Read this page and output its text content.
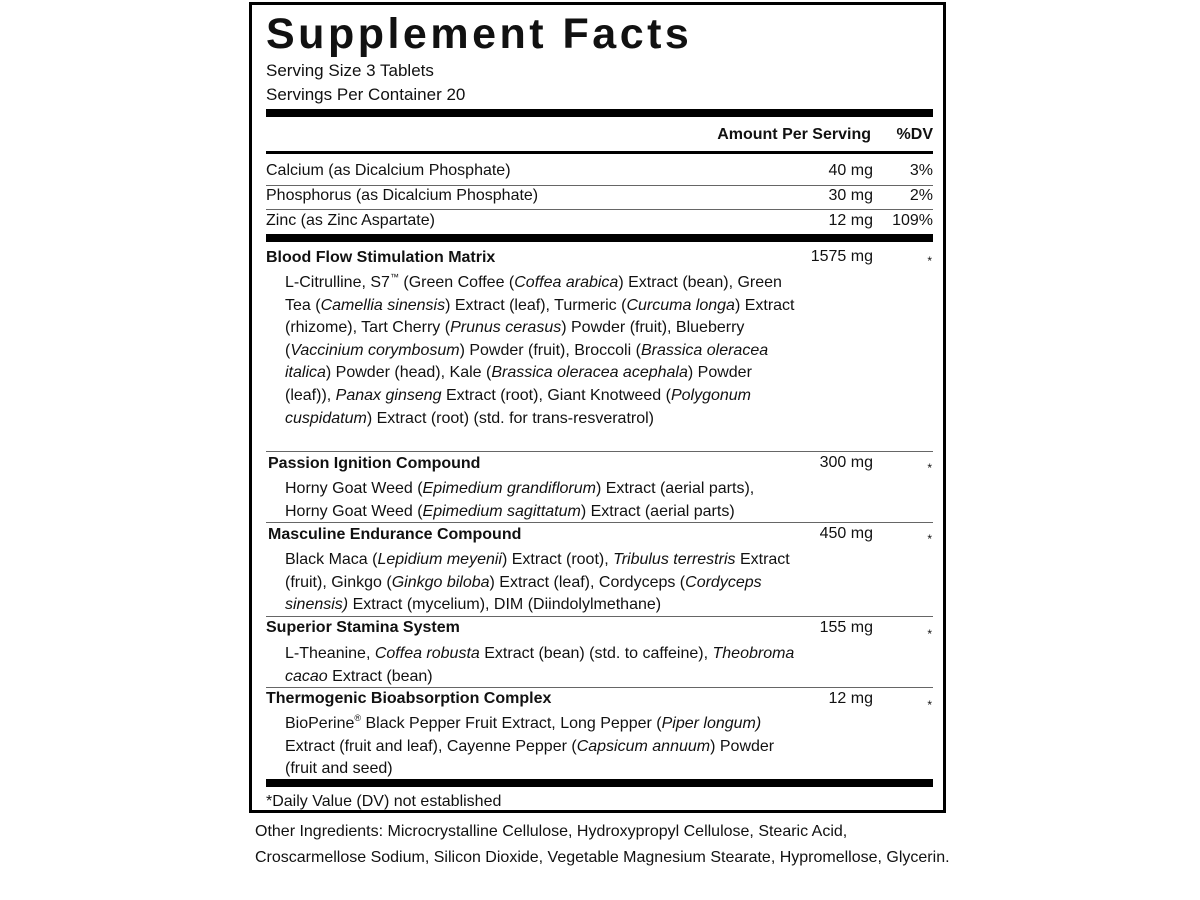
Supplement Facts
Serving Size 3 Tablets
Servings Per Container 20
Amount Per Serving %DV
Calcium (as Dicalcium Phosphate)	40 mg 3%
Phosphorus (as Dicalcium Phosphate)	30 mg 2%
Zinc (as Zinc Aspartate)	12 mg 109%
Blood Flow Stimulation Matrix	1575 mg	*
L-Citrulline, S7™ (Green Coffee (Coffea arabica) Extract (bean), Green Tea (Camellia sinensis) Extract (leaf), Turmeric (Curcuma longa) Extract (rhizome), Tart Cherry (Prunus cerasus) Powder (fruit), Blueberry (Vaccinium corymbosum) Powder (fruit), Broccoli (Brassica oleracea italica) Powder (head), Kale (Brassica oleracea acephala) Powder (leaf)), Panax ginseng Extract (root), Giant Knotweed (Polygonum cuspidatum) Extract (root) (std. for trans-resveratrol)
Passion Ignition Compound	300 mg	*
Horny Goat Weed (Epimedium grandiflorum) Extract (aerial parts), Horny Goat Weed (Epimedium sagittatum) Extract (aerial parts)
Masculine Endurance Compound	450 mg	*
Black Maca (Lepidium meyenii) Extract (root), Tribulus terrestris Extract (fruit), Ginkgo (Ginkgo biloba) Extract (leaf), Cordyceps (Cordyceps sinensis) Extract (mycelium), DIM (Diindolylmethane)
Superior Stamina System	155 mg	*
L-Theanine, Coffea robusta Extract (bean) (std. to caffeine), Theobroma cacao Extract (bean)
Thermogenic Bioabsorption Complex	12 mg	*
BioPerine® Black Pepper Fruit Extract, Long Pepper (Piper longum) Extract (fruit and leaf), Cayenne Pepper (Capsicum annuum) Powder (fruit and seed)
*Daily Value (DV) not established
Other Ingredients: Microcrystalline Cellulose, Hydroxypropyl Cellulose, Stearic Acid, Croscarmellose Sodium, Silicon Dioxide, Vegetable Magnesium Stearate, Hypromellose, Glycerin.
